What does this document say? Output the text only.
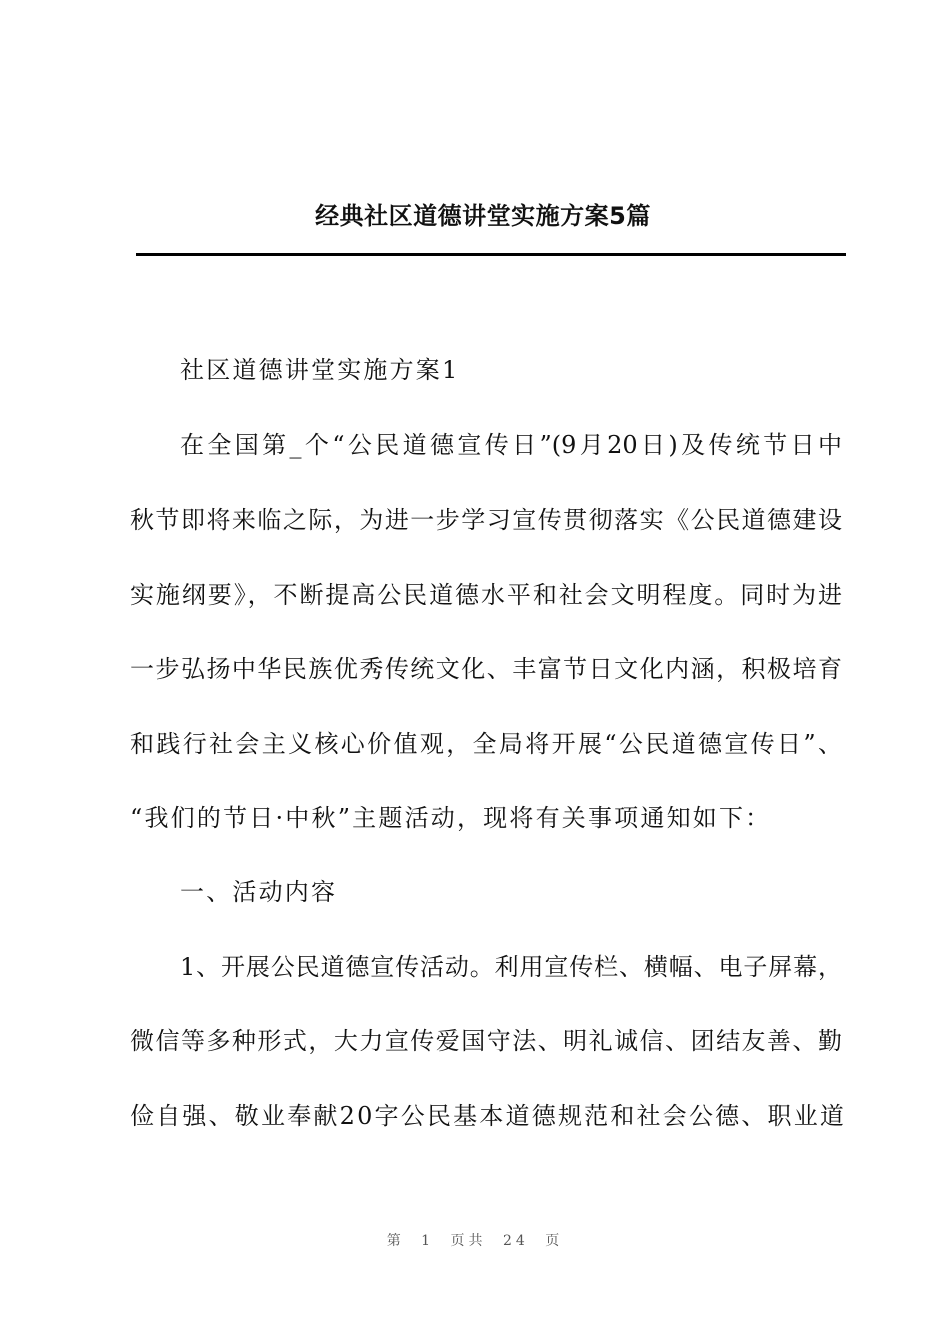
经典社区道德讲堂实施方案5篇
社区道德讲堂实施方案1
在全国第_个“公民道德宣传日”(9月20日)及传统节日中
秋节即将来临之际，为进一步学习宣传贯彻落实《公民道德建设
实施纲要》，不断提高公民道德水平和社会文明程度。同时为进
一步弘扬中华民族优秀传统文化、丰富节日文化内涵，积极培育
和践行社会主义核心价值观，全局将开展“公民道德宣传日”、
“我们的节日·中秋”主题活动，现将有关事项通知如下：
一、活动内容
1、开展公民道德宣传活动。利用宣传栏、横幅、电子屏幕，
微信等多种形式，大力宣传爱国守法、明礼诚信、团结友善、勤
俭自强、敬业奉献20字公民基本道德规范和社会公德、职业道
第 1 页共 24 页
